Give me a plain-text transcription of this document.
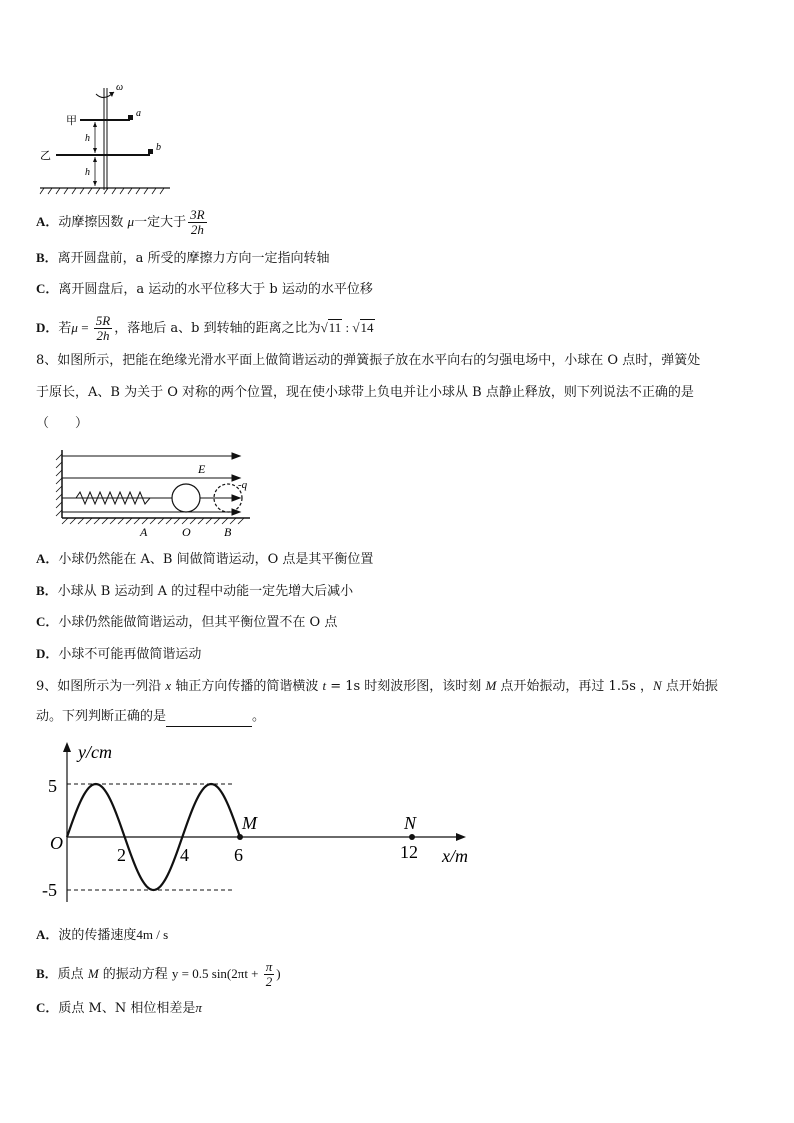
ω
a
甲
b
乙
h
h
A．动摩擦因数 μ一定大于 $\frac{3R}{2h}$
B．离开圆盘前，a 所受的摩擦力方向一定指向转轴
C．离开圆盘后，a 运动的水平位移大于 b 运动的水平位移
D．若$\mu = \frac{5R}{2h}$ ，落地后 a、b 到转轴的距离之比为√11 : √14
8、如图所示，把能在绝缘光滑水平面上做简谐运动的弹簧振子放在水平向右的匀强电场中，小球在 O 点时，弹簧处
于原长，A、B 为关于 O 对称的两个位置，现在使小球带上负电并让小球从 B 点静止释放，则下列说法不正确的是
（　　）
E
-q
A	O	B
A．小球仍然能在 A、B 间做简谐运动，O 点是其平衡位置
B．小球从 B 运动到 A 的过程中动能一定先增大后减小
C．小球仍然能做简谐运动，但其平衡位置不在 O 点
D．小球不可能再做简谐运动
9、如图所示为一列沿 x 轴正方向传播的简谐横波 t = 1s 时刻波形图，该时刻 M 点开始振动，再过 1.5s ，N 点开始振
动。下列判断正确的是	。
y/cm
x/m
5
-5
O
2	4	6	12
M	N
A．波的传播速度4m / s
B．质点 M 的振动方程 y = 0.5 $\sin(2\pi t + \frac{\pi}{2}$ )
C．质点 M、N 相位相差是π
